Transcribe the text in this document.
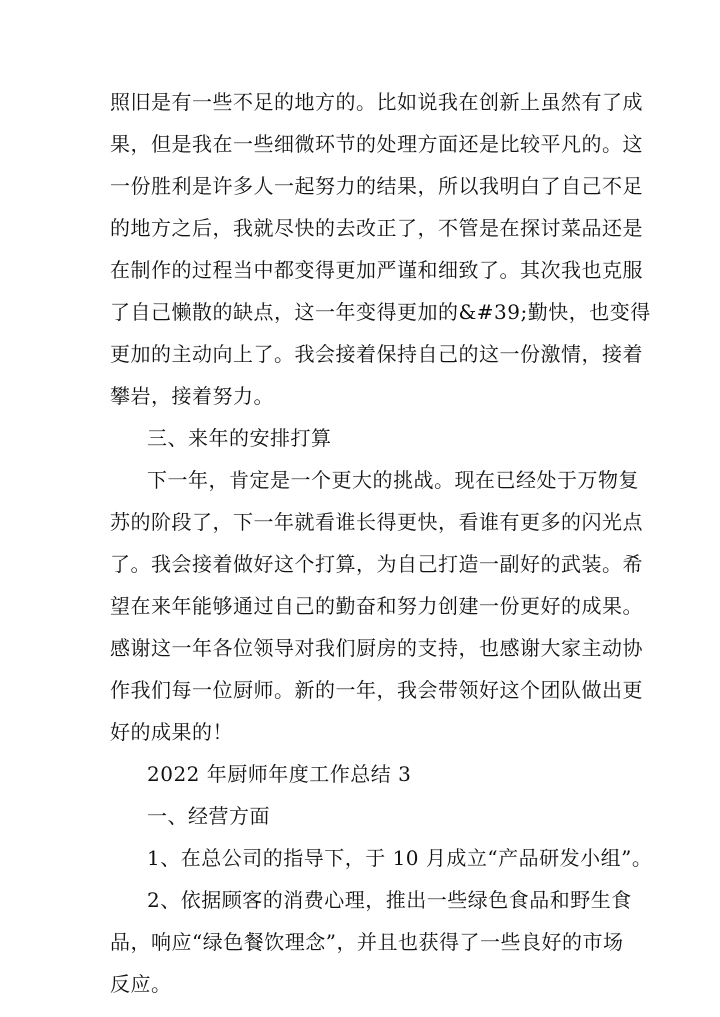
照旧是有一些不足的地方的。比如说我在创新上虽然有了成
果，但是我在一些细微环节的处理方面还是比较平凡的。这
一份胜利是许多人一起努力的结果，所以我明白了自己不足
的地方之后，我就尽快的去改正了，不管是在探讨菜品还是
在制作的过程当中都变得更加严谨和细致了。其次我也克服
了自己懒散的缺点，这一年变得更加的&#39;勤快，也变得
更加的主动向上了。我会接着保持自己的这一份激情，接着
攀岩，接着努力。
三、来年的安排打算
下一年，肯定是一个更大的挑战。现在已经处于万物复
苏的阶段了，下一年就看谁长得更快，看谁有更多的闪光点
了。我会接着做好这个打算，为自己打造一副好的武装。希
望在来年能够通过自己的勤奋和努力创建一份更好的成果。
感谢这一年各位领导对我们厨房的支持，也感谢大家主动协
作我们每一位厨师。新的一年，我会带领好这个团队做出更
好的成果的！
2022 年厨师年度工作总结 3
一、经营方面
1、在总公司的指导下，于 10 月成立“产品研发小组”。
2、依据顾客的消费心理，推出一些绿色食品和野生食
品，响应“绿色餐饮理念”，并且也获得了一些良好的市场
反应。
